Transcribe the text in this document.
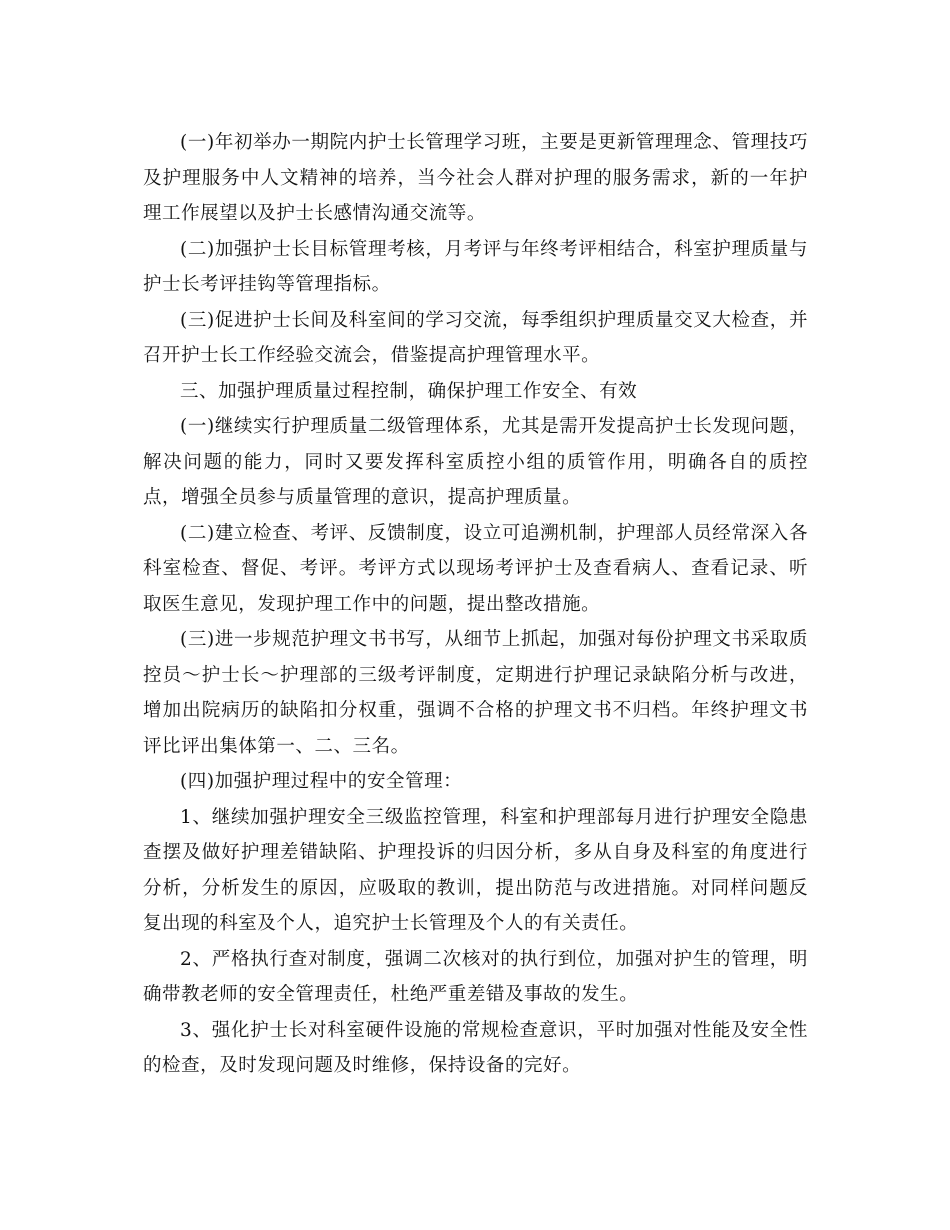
(一)年初举办一期院内护士长管理学习班，主要是更新管理理念、管理技巧及护理服务中人文精神的培养，当今社会人群对护理的服务需求，新的一年护理工作展望以及护士长感情沟通交流等。

(二)加强护士长目标管理考核，月考评与年终考评相结合，科室护理质量与护士长考评挂钩等管理指标。

(三)促进护士长间及科室间的学习交流，每季组织护理质量交叉大检查，并召开护士长工作经验交流会，借鉴提高护理管理水平。

三、加强护理质量过程控制，确保护理工作安全、有效

(一)继续实行护理质量二级管理体系，尤其是需开发提高护士长发现问题，解决问题的能力，同时又要发挥科室质控小组的质管作用，明确各自的质控点，增强全员参与质量管理的意识，提高护理质量。

(二)建立检查、考评、反馈制度，设立可追溯机制，护理部人员经常深入各科室检查、督促、考评。考评方式以现场考评护士及查看病人、查看记录、听取医生意见，发现护理工作中的问题，提出整改措施。

(三)进一步规范护理文书书写，从细节上抓起，加强对每份护理文书采取质控员～护士长～护理部的三级考评制度，定期进行护理记录缺陷分析与改进，增加出院病历的缺陷扣分权重，强调不合格的护理文书不归档。年终护理文书评比评出集体第一、二、三名。

(四)加强护理过程中的安全管理：

1、继续加强护理安全三级监控管理，科室和护理部每月进行护理安全隐患查摆及做好护理差错缺陷、护理投诉的归因分析，多从自身及科室的角度进行分析，分析发生的原因，应吸取的教训，提出防范与改进措施。对同样问题反复出现的科室及个人，追究护士长管理及个人的有关责任。

2、严格执行查对制度，强调二次核对的执行到位，加强对护生的管理，明确带教老师的安全管理责任，杜绝严重差错及事故的发生。

3、强化护士长对科室硬件设施的常规检查意识，平时加强对性能及安全性的检查，及时发现问题及时维修，保持设备的完好。
